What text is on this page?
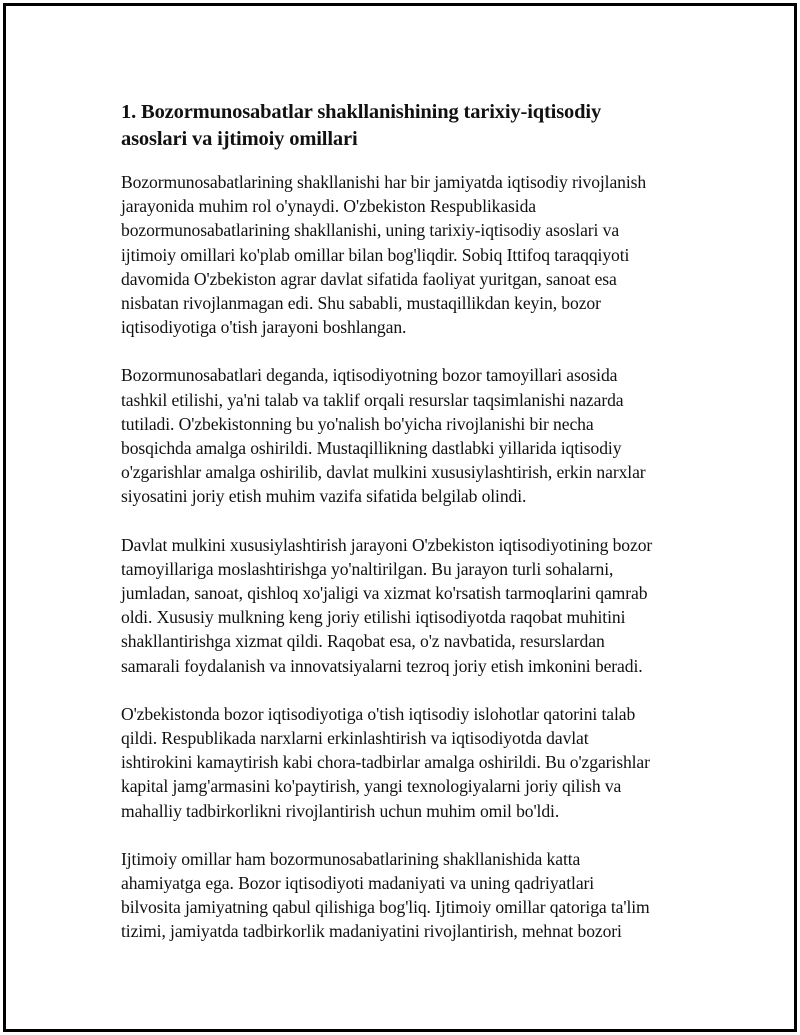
1. Bozormunosabatlar shakllanishining tarixiy-iqtisodiy
asoslari va ijtimoiy omillari

Bozormunosabatlarining shakllanishi har bir jamiyatda iqtisodiy rivojlanish
jarayonida muhim rol o'ynaydi. O'zbekiston Respublikasida
bozormunosabatlarining shakllanishi, uning tarixiy-iqtisodiy asoslari va
ijtimoiy omillari ko'plab omillar bilan bog'liqdir. Sobiq Ittifoq taraqqiyoti
davomida O'zbekiston agrar davlat sifatida faoliyat yuritgan, sanoat esa
nisbatan rivojlanmagan edi. Shu sababli, mustaqillikdan keyin, bozor
iqtisodiyotiga o'tish jarayoni boshlangan.

Bozormunosabatlari deganda, iqtisodiyotning bozor tamoyillari asosida
tashkil etilishi, ya'ni talab va taklif orqali resurslar taqsimlanishi nazarda
tutiladi. O'zbekistonning bu yo'nalish bo'yicha rivojlanishi bir necha
bosqichda amalga oshirildi. Mustaqillikning dastlabki yillarida iqtisodiy
o'zgarishlar amalga oshirilib, davlat mulkini xususiylashtirish, erkin narxlar
siyosatini joriy etish muhim vazifa sifatida belgilab olindi.

Davlat mulkini xususiylashtirish jarayoni O'zbekiston iqtisodiyotining bozor
tamoyillariga moslashtirishga yo'naltirilgan. Bu jarayon turli sohalarni,
jumladan, sanoat, qishloq xo'jaligi va xizmat ko'rsatish tarmoqlarini qamrab
oldi. Xususiy mulkning keng joriy etilishi iqtisodiyotda raqobat muhitini
shakllantirishga xizmat qildi. Raqobat esa, o'z navbatida, resurslardan
samarali foydalanish va innovatsiyalarni tezroq joriy etish imkonini beradi.

O'zbekistonda bozor iqtisodiyotiga o'tish iqtisodiy islohotlar qatorini talab
qildi. Respublikada narxlarni erkinlashtirish va iqtisodiyotda davlat
ishtirokini kamaytirish kabi chora-tadbirlar amalga oshirildi. Bu o'zgarishlar
kapital jamg'armasini ko'paytirish, yangi texnologiyalarni joriy qilish va
mahalliy tadbirkorlikni rivojlantirish uchun muhim omil bo'ldi.

Ijtimoiy omillar ham bozormunosabatlarining shakllanishida katta
ahamiyatga ega. Bozor iqtisodiyoti madaniyati va uning qadriyatlari
bilvosita jamiyatning qabul qilishiga bog'liq. Ijtimoiy omillar qatoriga ta'lim
tizimi, jamiyatda tadbirkorlik madaniyatini rivojlantirish, mehnat bozori
